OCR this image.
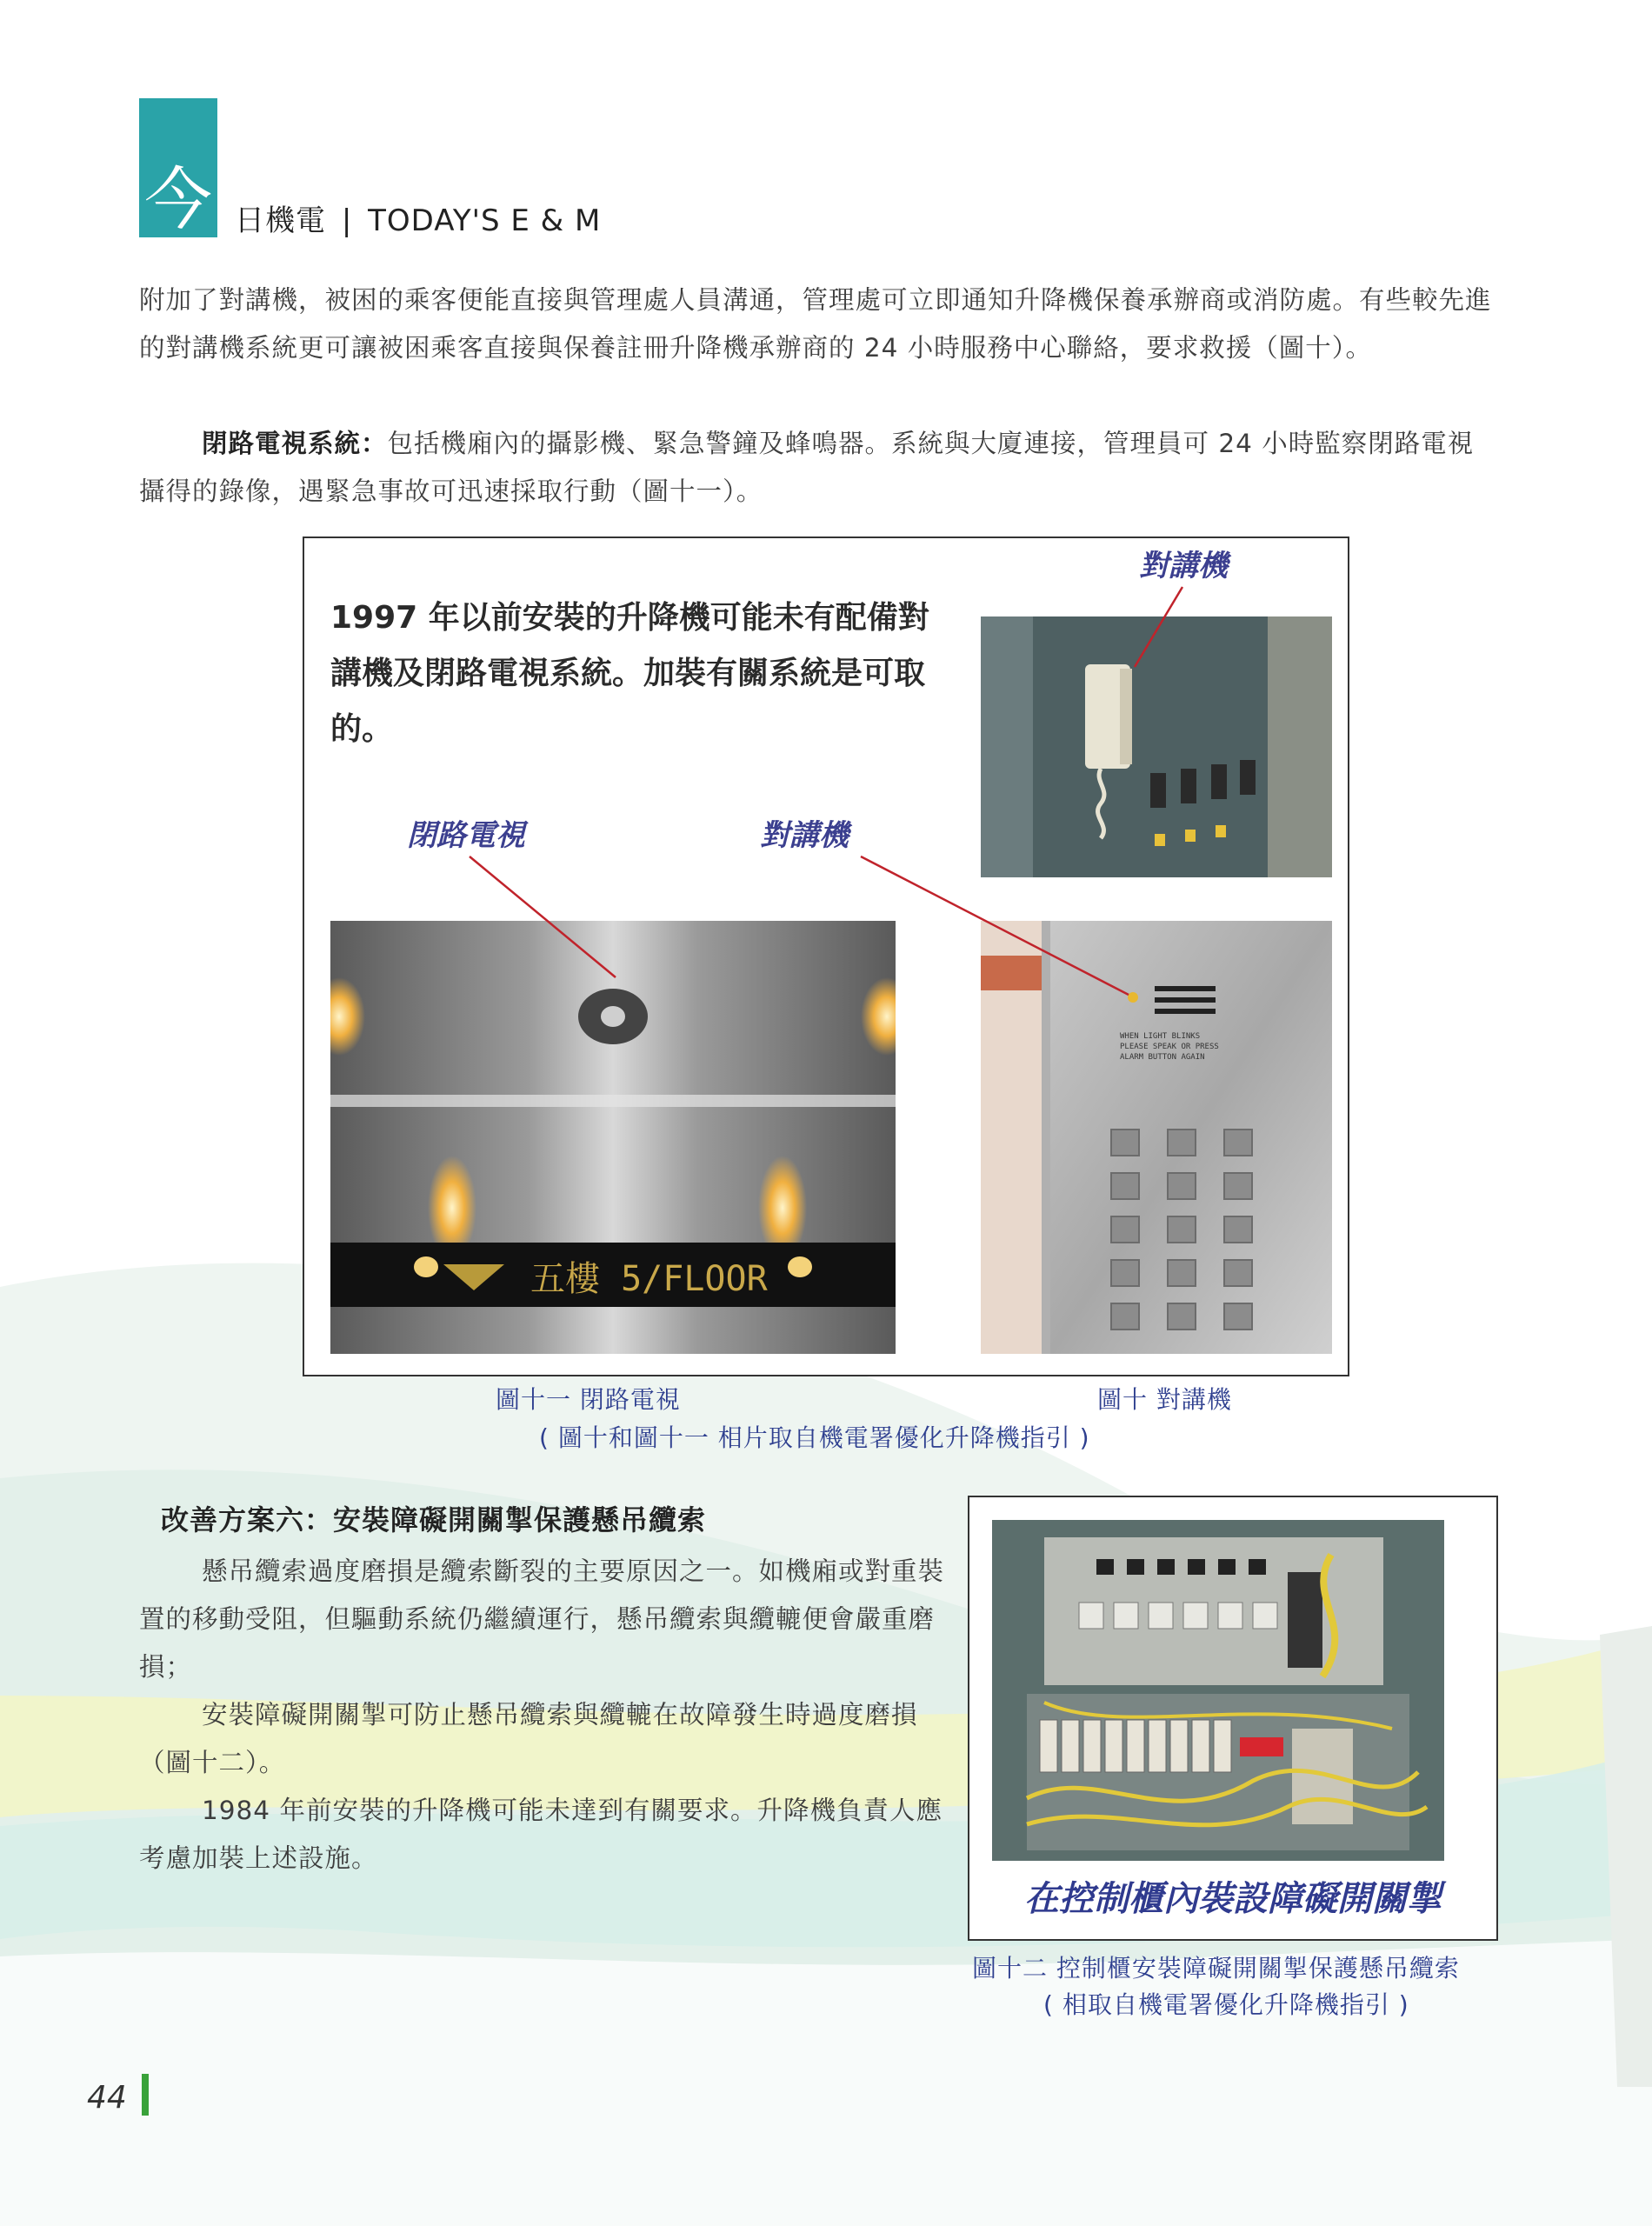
今 日機電 | TODAY'S E & M

附加了對講機，被困的乘客便能直接與管理處人員溝通，管理處可立即通知升降機保養承辦商或消防處。有些較先進的對講機系統更可讓被困乘客直接與保養註冊升降機承辦商的 24 小時服務中心聯絡，要求救援（圖十）。

閉路電視系統：包括機廂內的攝影機、緊急警鐘及蜂鳴器。系統與大廈連接，管理員可 24 小時監察閉路電視攝得的錄像，遇緊急事故可迅速採取行動（圖十一）。

1997 年以前安裝的升降機可能未有配備對講機及閉路電視系統。加裝有關系統是可取的。

對講機
閉路電視	對講機
五樓 5/FLOOR
WHEN LIGHT BLINKS
PLEASE SPEAK OR PRESS
ALARM BUTTON AGAIN
圖十一 閉路電視	圖十 對講機
( 圖十和圖十一 相片取自機電署優化升降機指引 )
改善方案六：安裝障礙開關掣保護懸吊纜索

懸吊纜索過度磨損是纜索斷裂的主要原因之一。如機廂或對重裝置的移動受阻，但驅動系統仍繼續運行，懸吊纜索與纜轆便會嚴重磨損；

安裝障礙開關掣可防止懸吊纜索與纜轆在故障發生時過度磨損（圖十二）。

1984 年前安裝的升降機可能未達到有關要求。升降機負責人應考慮加裝上述設施。

在控制櫃內裝設障礙開關掣
圖十二 控制櫃安裝障礙開關掣保護懸吊纜索
( 相取自機電署優化升降機指引 )
44
